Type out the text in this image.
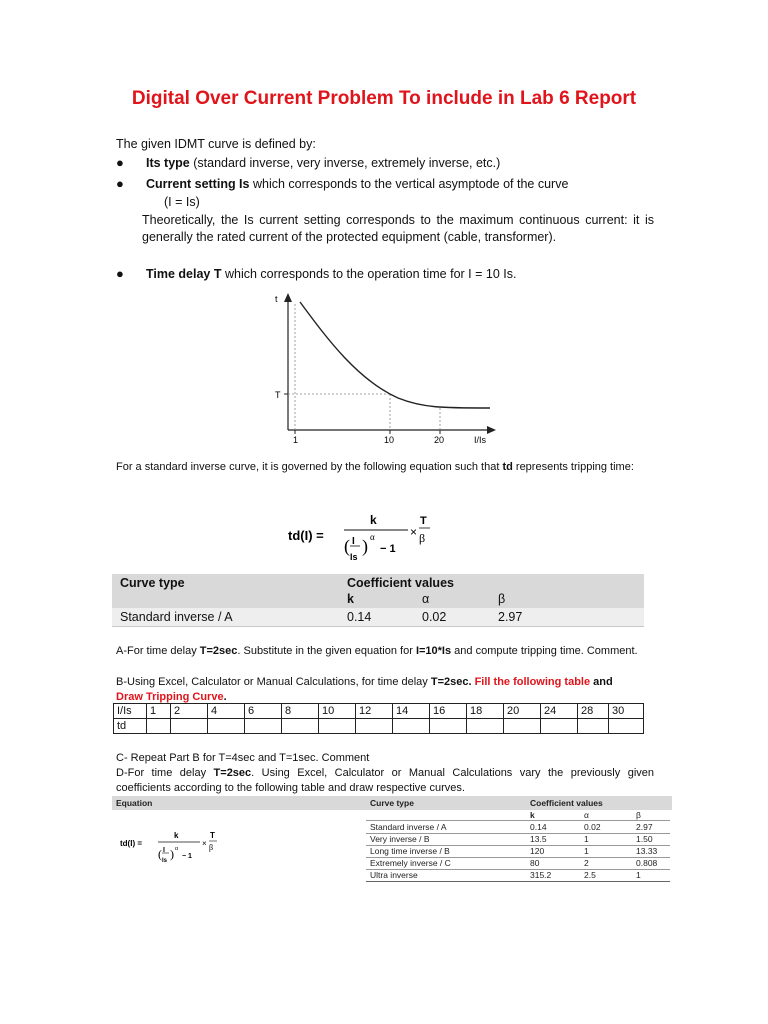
Digital Over Current Problem To include in Lab 6 Report
The given IDMT curve is defined by:
● Its type (standard inverse, very inverse, extremely inverse, etc.)
● Current setting Is which corresponds to the vertical asymptode of the curve
(I = Is)
Theoretically, the Is current setting corresponds to the maximum continuous current: it is generally the rated current of the protected equipment (cable, transformer).
● Time delay T which corresponds to the operation time for I = 10 Is.
t
T
1	10	20	I/Is
For a standard inverse curve, it is governed by the following equation such that td represents tripping time:
td(I) =
k
( I
Is
) α
− 1
×
T
β
Curve type	Coefficient values
k	α	β
Standard inverse / A	0.14	0.02	2.97
A-For time delay T=2sec. Substitute in the given equation for I=10*Is and compute tripping time. Comment.
B-Using Excel, Calculator or Manual Calculations, for time delay T=2sec. Fill the following table and
Draw Tripping Curve.
I/Is	1	2	4	6	8	10	12	14	16	18	20	24	28	30
td														
C- Repeat Part B for T=4sec and T=1sec. Comment
D-For time delay T=2sec. Using Excel, Calculator or Manual Calculations vary the previously given coefficients according to the following table and draw respective curves.
Equation	Curve type	Coefficient values
k	α	β
td(I) =
k
( I
Is ) α
− 1
×
T
β
Standard inverse / A	0.14	0.02	2.97
Very inverse / B	13.5	1	1.50
Long time inverse / B	120	1	13.33
Extremely inverse / C	80	2	0.808
Ultra inverse	315.2	2.5	1
